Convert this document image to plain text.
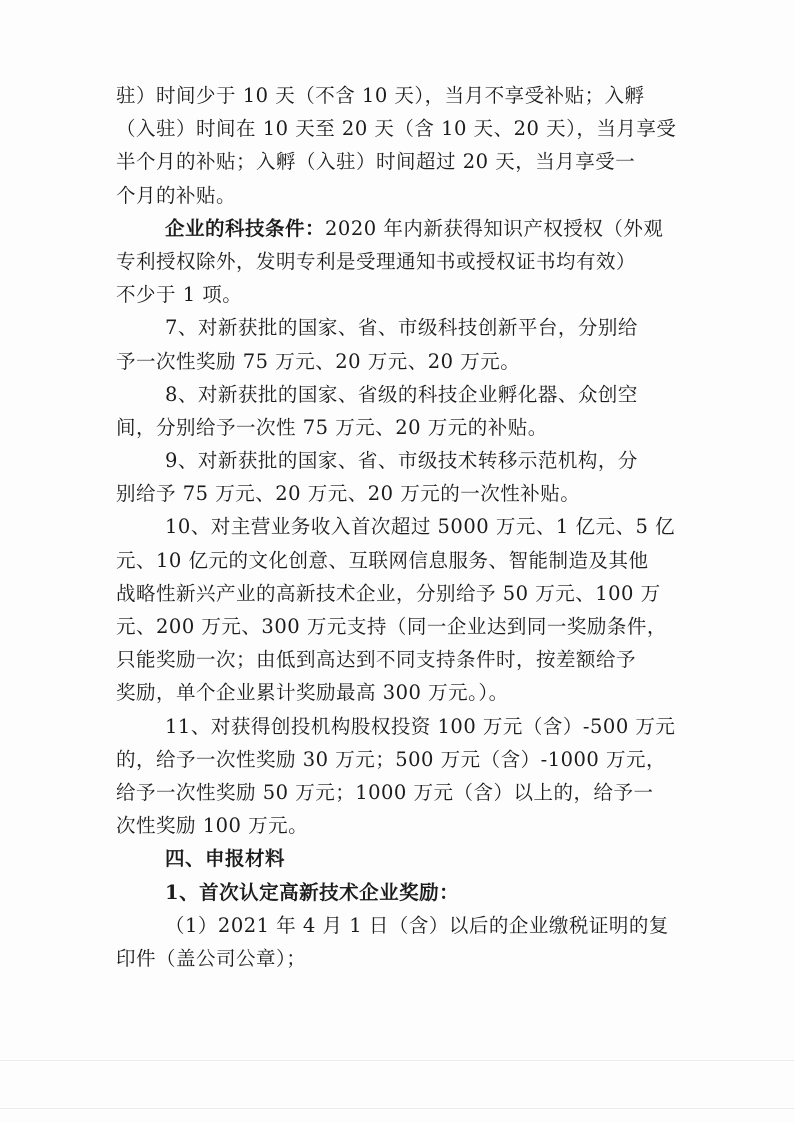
驻）时间少于 10 天（不含 10 天），当月不享受补贴；入孵
（入驻）时间在 10 天至 20 天（含 10 天、20 天），当月享受
半个月的补贴；入孵（入驻）时间超过 20 天，当月享受一
个月的补贴。
企业的科技条件：2020 年内新获得知识产权授权（外观
专利授权除外，发明专利是受理通知书或授权证书均有效）
不少于 1 项。
7、对新获批的国家、省、市级科技创新平台，分别给
予一次性奖励 75 万元、20 万元、20 万元。
8、对新获批的国家、省级的科技企业孵化器、众创空
间，分别给予一次性 75 万元、20 万元的补贴。
9、对新获批的国家、省、市级技术转移示范机构，分
别给予 75 万元、20 万元、20 万元的一次性补贴。
10、对主营业务收入首次超过 5000 万元、1 亿元、5 亿
元、10 亿元的文化创意、互联网信息服务、智能制造及其他
战略性新兴产业的高新技术企业，分别给予 50 万元、100 万
元、200 万元、300 万元支持（同一企业达到同一奖励条件，
只能奖励一次；由低到高达到不同支持条件时，按差额给予
奖励，单个企业累计奖励最高 300 万元。）。
11、对获得创投机构股权投资 100 万元（含）-500 万元
的，给予一次性奖励 30 万元；500 万元（含）-1000 万元，
给予一次性奖励 50 万元；1000 万元（含）以上的，给予一
次性奖励 100 万元。
四、申报材料
1、首次认定高新技术企业奖励：
（1）2021 年 4 月 1 日（含）以后的企业缴税证明的复
印件（盖公司公章）；
